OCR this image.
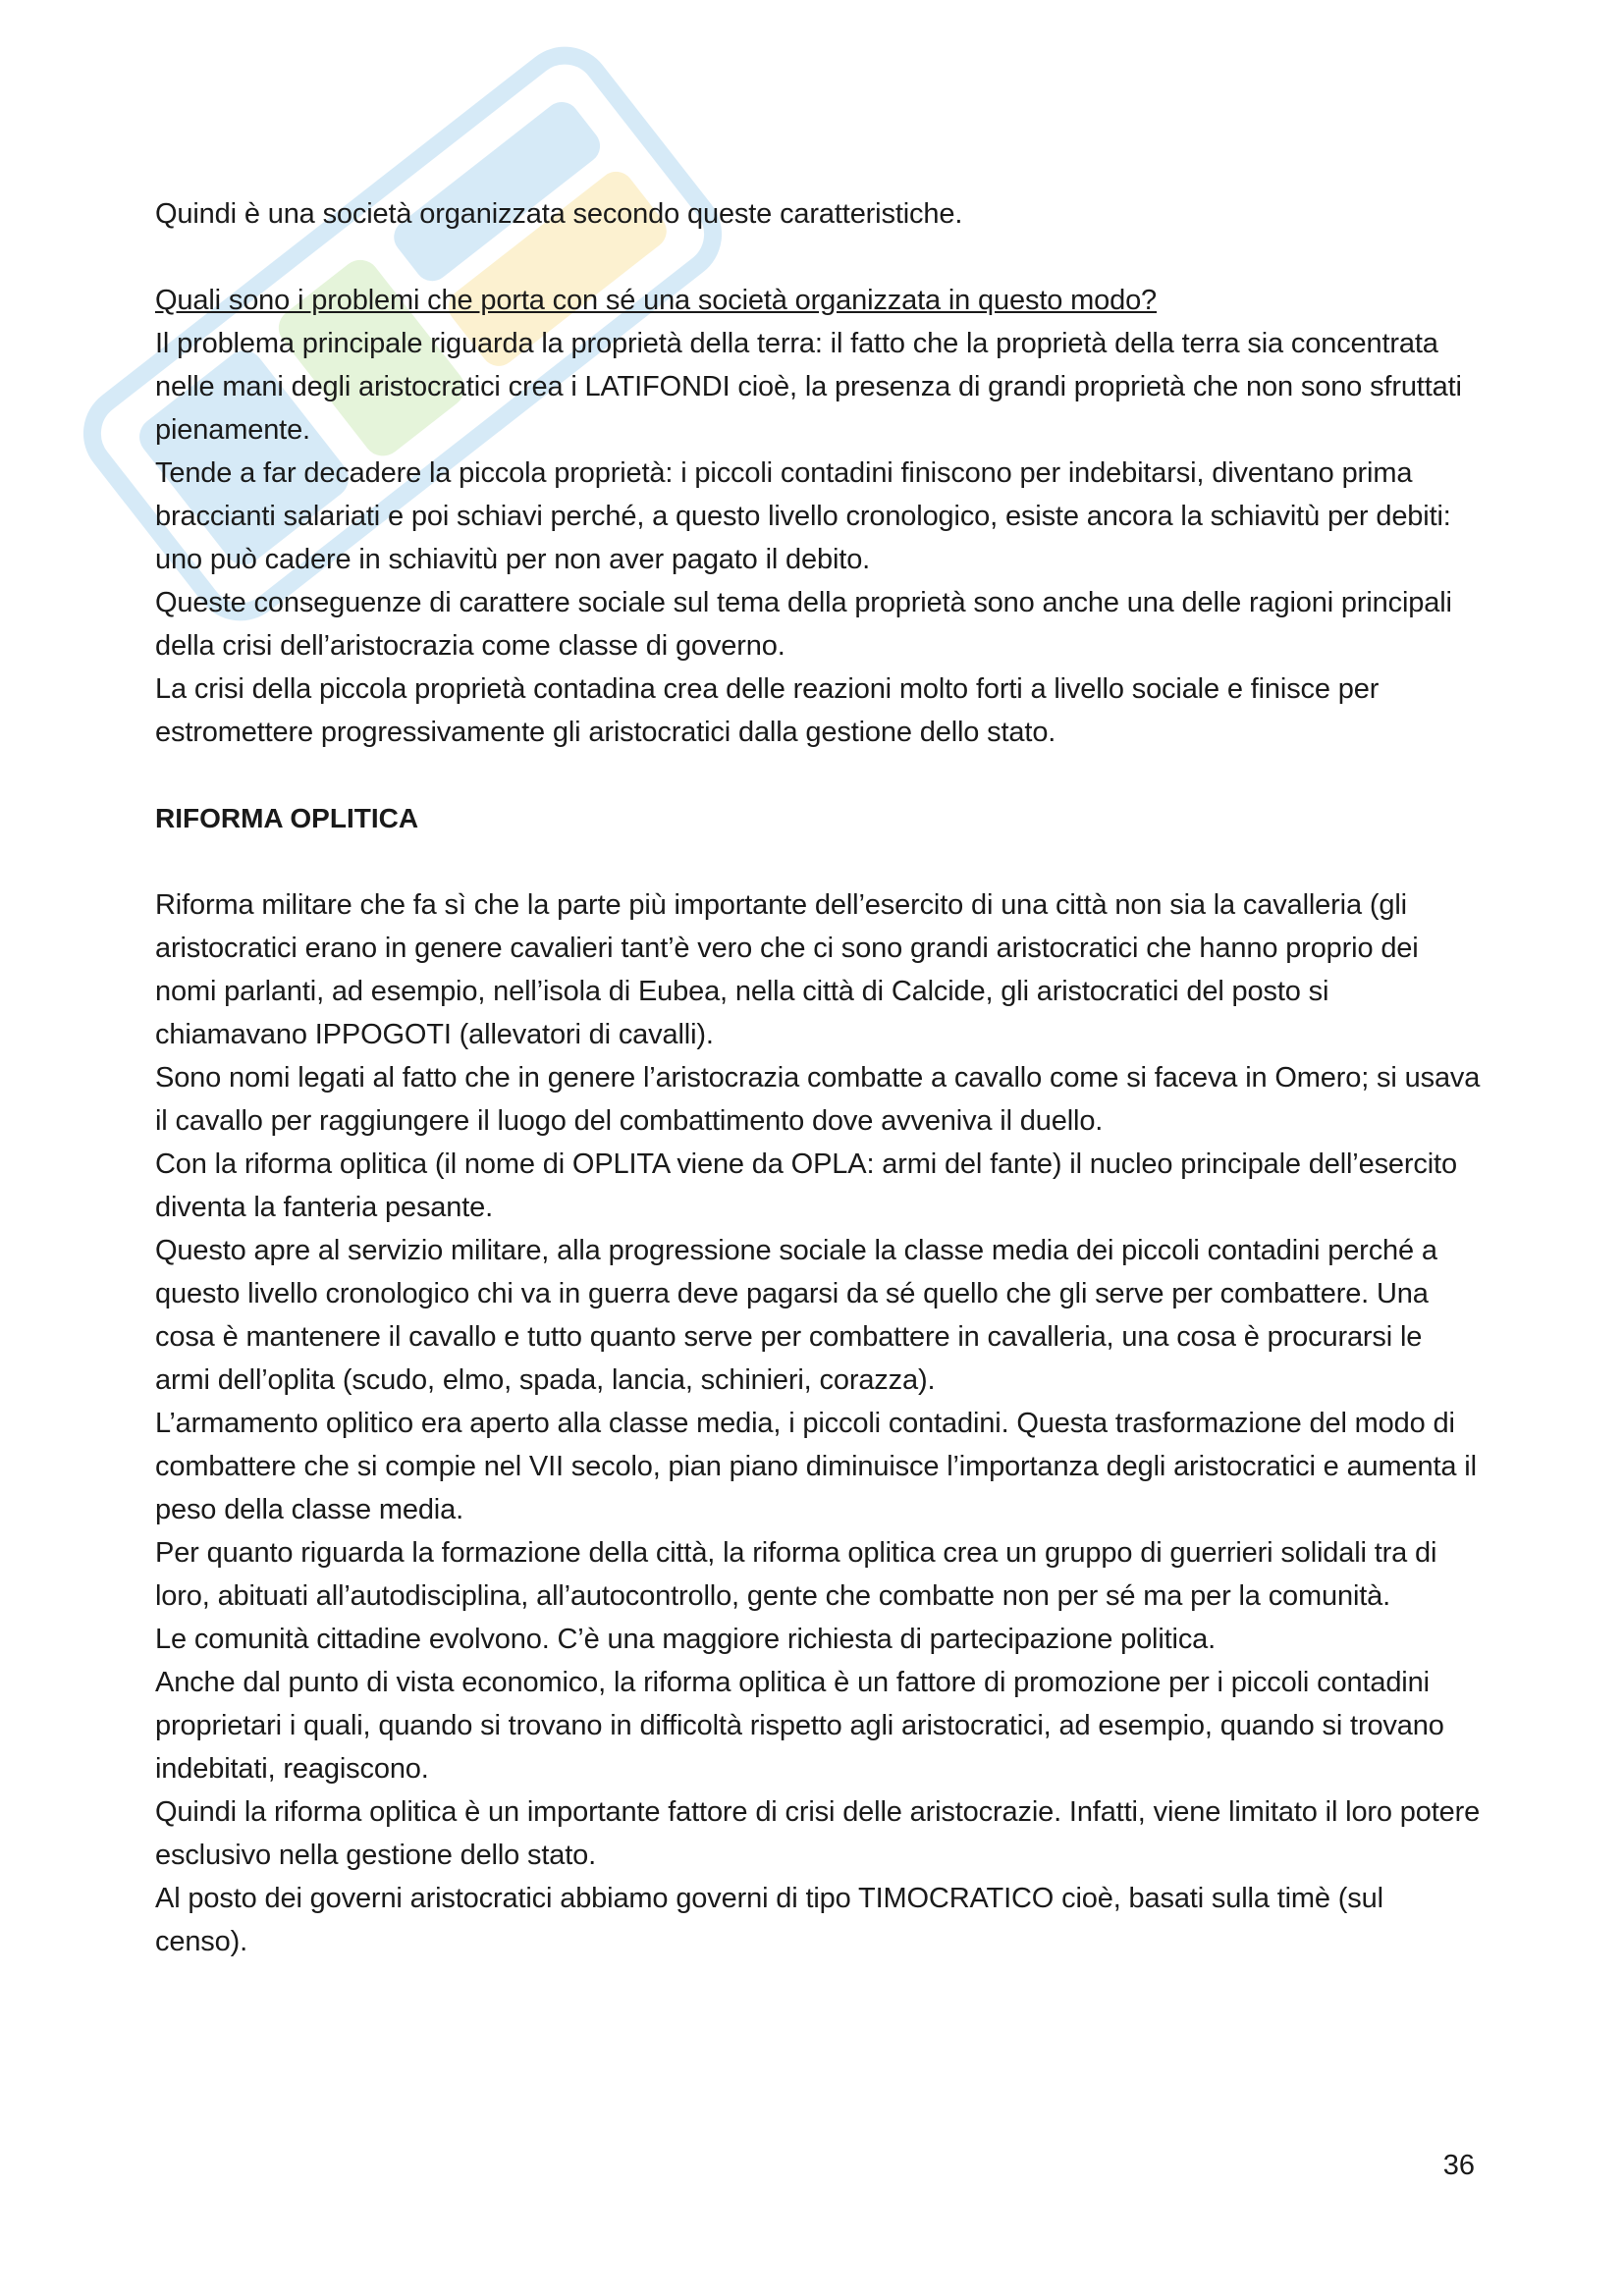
Quindi è una società organizzata secondo queste caratteristiche.

Quali sono i problemi che porta con sé una società organizzata in questo modo?

Il problema principale riguarda la proprietà della terra: il fatto che la proprietà della terra sia concentrata nelle mani degli aristocratici crea i LATIFONDI cioè, la presenza di grandi proprietà che non sono sfruttati pienamente.

Tende a far decadere la piccola proprietà: i piccoli contadini finiscono per indebitarsi, diventano prima braccianti salariati e poi schiavi perché, a questo livello cronologico, esiste ancora la schiavitù per debiti: uno può cadere in schiavitù per non aver pagato il debito.

Queste conseguenze di carattere sociale sul tema della proprietà sono anche una delle ragioni principali della crisi dell’aristocrazia come classe di governo.

La crisi della piccola proprietà contadina crea delle reazioni molto forti a livello sociale e finisce per estromettere progressivamente gli aristocratici dalla gestione dello stato.

RIFORMA OPLITICA

Riforma militare che fa sì che la parte più importante dell’esercito di una città non sia la cavalleria (gli aristocratici erano in genere cavalieri tant’è vero che ci sono grandi aristocratici che hanno proprio dei nomi parlanti, ad esempio, nell’isola di Eubea, nella città di Calcide, gli aristocratici del posto si chiamavano IPPOGOTI (allevatori di cavalli).

Sono nomi legati al fatto che in genere l’aristocrazia combatte a cavallo come si faceva in Omero; si usava il cavallo per raggiungere il luogo del combattimento dove avveniva il duello.

Con la riforma oplitica (il nome di OPLITA viene da OPLA: armi del fante) il nucleo principale dell’esercito diventa la fanteria pesante.

Questo apre al servizio militare, alla progressione sociale la classe media dei piccoli contadini perché a questo livello cronologico chi va in guerra deve pagarsi da sé quello che gli serve per combattere. Una cosa è mantenere il cavallo e tutto quanto serve per combattere in cavalleria, una cosa è procurarsi le armi dell’oplita (scudo, elmo, spada, lancia, schinieri, corazza).

L’armamento oplitico era aperto alla classe media, i piccoli contadini. Questa trasformazione del modo di combattere che si compie nel VII secolo, pian piano diminuisce l’importanza degli aristocratici e aumenta il peso della classe media.

Per quanto riguarda la formazione della città, la riforma oplitica crea un gruppo di guerrieri solidali tra di loro, abituati all’autodisciplina, all’autocontrollo, gente che combatte non per sé ma per la comunità.

Le comunità cittadine evolvono. C’è una maggiore richiesta di partecipazione politica.

Anche dal punto di vista economico, la riforma oplitica è un fattore di promozione per i piccoli contadini proprietari i quali, quando si trovano in difficoltà rispetto agli aristocratici, ad esempio, quando si trovano indebitati, reagiscono.

Quindi la riforma oplitica è un importante fattore di crisi delle aristocrazie. Infatti, viene limitato il loro potere esclusivo nella gestione dello stato.

Al posto dei governi aristocratici abbiamo governi di tipo TIMOCRATICO cioè, basati sulla timè (sul censo).

36
